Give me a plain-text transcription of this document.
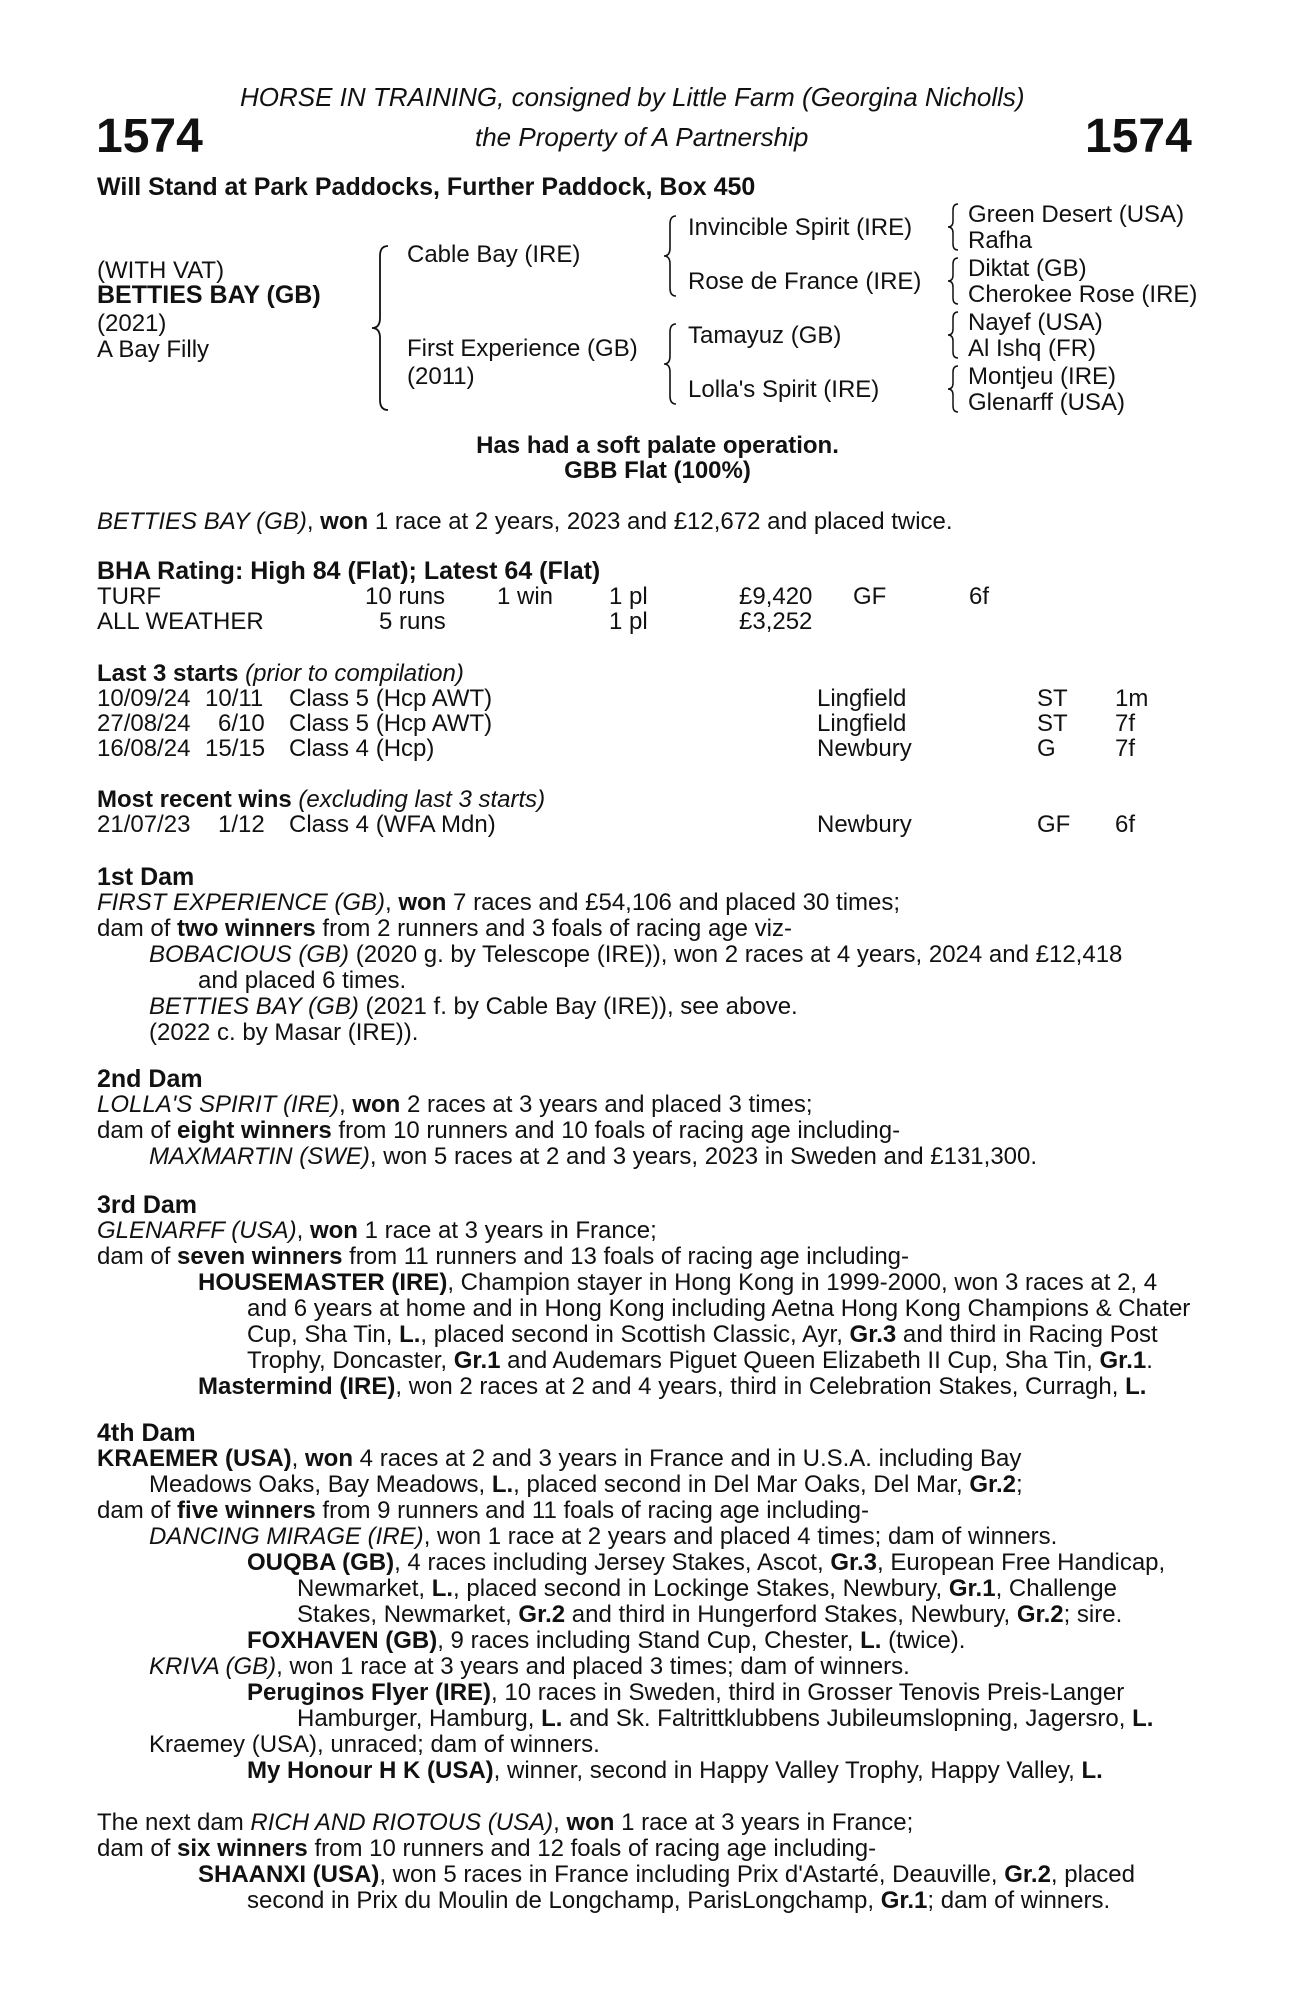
HORSE IN TRAINING, consigned by Little Farm (Georgina Nicholls)
1574	the Property of A Partnership	1574
Will Stand at Park Paddocks, Further Paddock, Box 450
(WITH VAT)
BETTIES BAY (GB)
(2021)
A Bay Filly
Cable Bay (IRE)
First Experience (GB)
(2011)
Invincible Spirit (IRE)
Rose de France (IRE)
Tamayuz (GB)
Lolla's Spirit (IRE)
Green Desert (USA)
Rafha
Diktat (GB)
Cherokee Rose (IRE)
Nayef (USA)
Al Ishq (FR)
Montjeu (IRE)
Glenarff (USA)
Has had a soft palate operation.
GBB Flat (100%)
BETTIES BAY (GB), won 1 race at 2 years, 2023 and £12,672 and placed twice.
BHA Rating: High 84 (Flat); Latest 64 (Flat)
TURF	10 runs 1 win 1 pl	£9,420 GF	6f
ALL WEATHER	5 runs	1 pl	£3,252
Last 3 starts (prior to compilation)
10/09/24 10/11 Class 5 (Hcp AWT)	Lingfield	ST 1m
27/08/24 6/10 Class 5 (Hcp AWT)	Lingfield	ST 7f
16/08/24 15/15 Class 4 (Hcp)	Newbury	G 7f
Most recent wins (excluding last 3 starts)
21/07/23 1/12 Class 4 (WFA Mdn)	Newbury	GF 6f

1st Dam

FIRST EXPERIENCE (GB), won 7 races and £54,106 and placed 30 times;

dam of two winners from 2 runners and 3 foals of racing age viz-

BOBACIOUS (GB) (2020 g. by Telescope (IRE)), won 2 races at 4 years, 2024 and £12,418

and placed 6 times.

BETTIES BAY (GB) (2021 f. by Cable Bay (IRE)), see above.

(2022 c. by Masar (IRE)).

2nd Dam

LOLLA'S SPIRIT (IRE), won 2 races at 3 years and placed 3 times;

dam of eight winners from 10 runners and 10 foals of racing age including-

MAXMARTIN (SWE), won 5 races at 2 and 3 years, 2023 in Sweden and £131,300.

3rd Dam

GLENARFF (USA), won 1 race at 3 years in France;

dam of seven winners from 11 runners and 13 foals of racing age including-

HOUSEMASTER (IRE), Champion stayer in Hong Kong in 1999-2000, won 3 races at 2, 4

and 6 years at home and in Hong Kong including Aetna Hong Kong Champions & Chater

Cup, Sha Tin, L., placed second in Scottish Classic, Ayr, Gr.3 and third in Racing Post

Trophy, Doncaster, Gr.1 and Audemars Piguet Queen Elizabeth II Cup, Sha Tin, Gr.1.

Mastermind (IRE), won 2 races at 2 and 4 years, third in Celebration Stakes, Curragh, L.

4th Dam

KRAEMER (USA), won 4 races at 2 and 3 years in France and in U.S.A. including Bay

Meadows Oaks, Bay Meadows, L., placed second in Del Mar Oaks, Del Mar, Gr.2;

dam of five winners from 9 runners and 11 foals of racing age including-

DANCING MIRAGE (IRE), won 1 race at 2 years and placed 4 times; dam of winners.

OUQBA (GB), 4 races including Jersey Stakes, Ascot, Gr.3, European Free Handicap,

Newmarket, L., placed second in Lockinge Stakes, Newbury, Gr.1, Challenge

Stakes, Newmarket, Gr.2 and third in Hungerford Stakes, Newbury, Gr.2; sire.

FOXHAVEN (GB), 9 races including Stand Cup, Chester, L. (twice).

KRIVA (GB), won 1 race at 3 years and placed 3 times; dam of winners.

Peruginos Flyer (IRE), 10 races in Sweden, third in Grosser Tenovis Preis-Langer

Hamburger, Hamburg, L. and Sk. Faltrittklubbens Jubileumslopning, Jagersro, L.

Kraemey (USA), unraced; dam of winners.

My Honour H K (USA), winner, second in Happy Valley Trophy, Happy Valley, L.

The next dam RICH AND RIOTOUS (USA), won 1 race at 3 years in France;

dam of six winners from 10 runners and 12 foals of racing age including-

SHAANXI (USA), won 5 races in France including Prix d'Astarté, Deauville, Gr.2, placed

second in Prix du Moulin de Longchamp, ParisLongchamp, Gr.1; dam of winners.
